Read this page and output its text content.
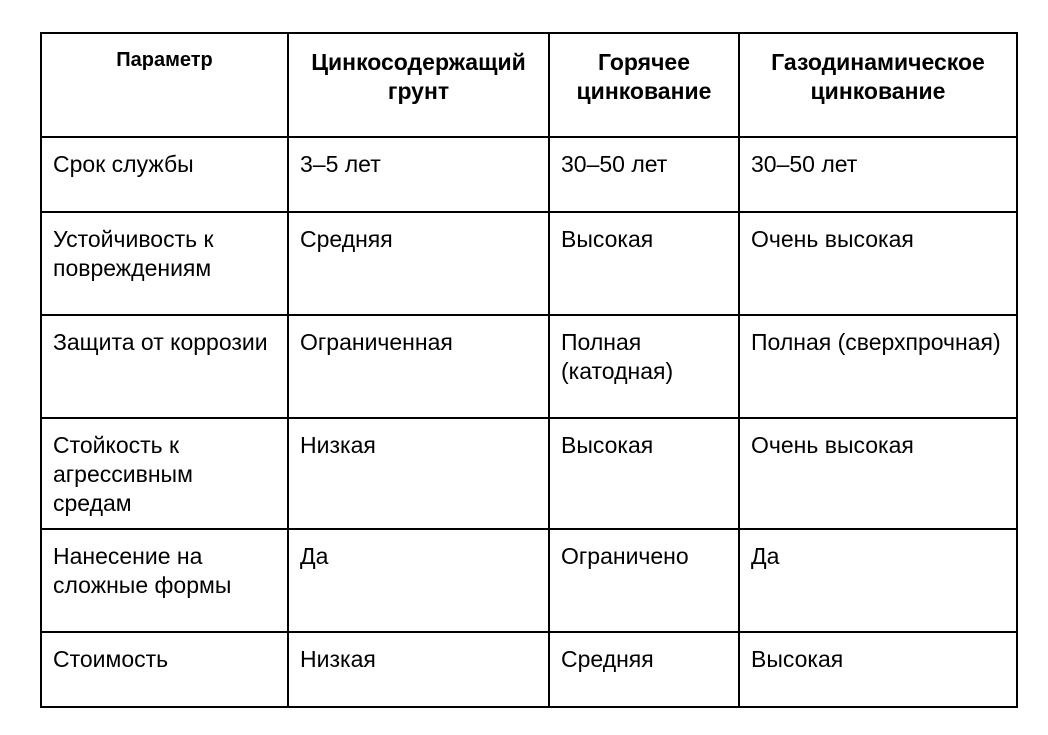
Параметр	Цинкосодержащий грунт	Горячее цинкование	Газодинамическое цинкование
Срок службы	3–5 лет	30–50 лет	30–50 лет
Устойчивость к повреждениям	Средняя	Высокая	Очень высокая
Защита от коррозии	Ограниченная	Полная (катодная)	Полная (сверхпрочная)
Стойкость к агрессивным средам	Низкая	Высокая	Очень высокая
Нанесение на сложные формы	Да	Ограничено	Да
Стоимость	Низкая	Средняя	Высокая
